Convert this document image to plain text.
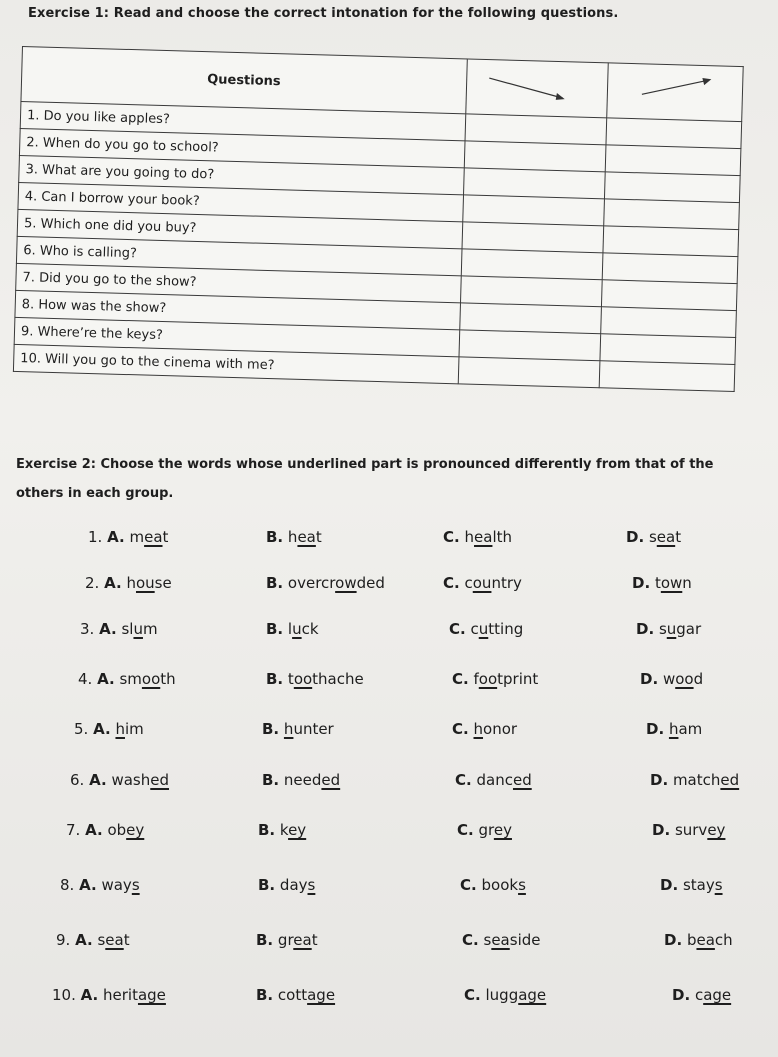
Exercise 1: Read and choose the correct intonation for the following questions.
Questions	

1. Do you like apples?		
2. When do you go to school?		
3. What are you going to do?		
4. Can I borrow your book?		
5. Which one did you buy?		
6. Who is calling?		
7. Did you go to the show?		
8. How was the show?		
9. Where’re the keys?		
10. Will you go to the cinema with me?		
Exercise 2: Choose the words whose underlined part is pronounced differently from that of the
others in each group.
1. A. meat	B. heat	C. health	D. seat
2. A. house	B. overcrowded	C. country	D. town
3. A. slum	B. luck	C. cutting	D. sugar
4. A. smooth	B. toothache	C. footprint	D. wood
5. A. him	B. hunter	C. honor	D. ham
6. A. washed	B. needed	C. danced	D. matched
7. A. obey	B. key	C. grey	D. survey
8. A. ways	B. days	C. books	D. stays
9. A. seat	B. great	C. seaside	D. beach
10. A. heritage	B. cottage	C. luggage	D. cage
